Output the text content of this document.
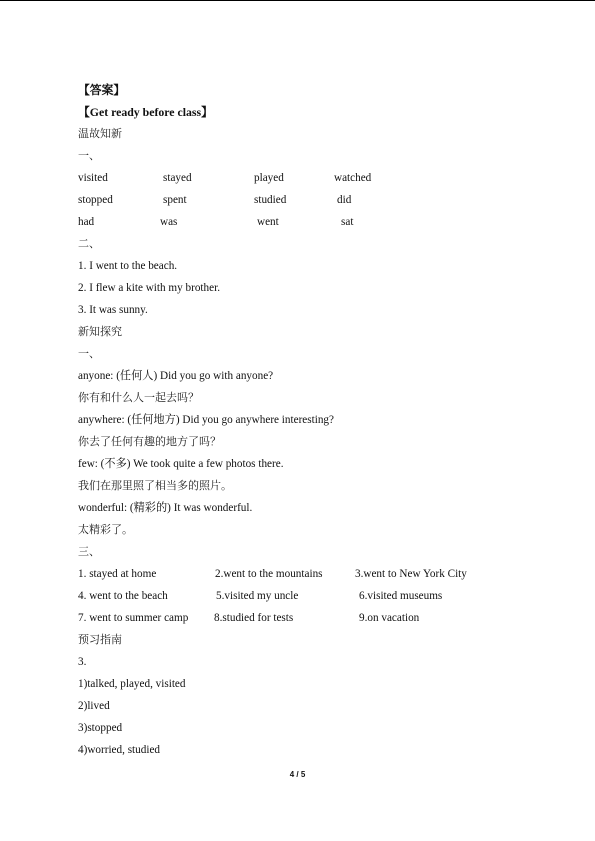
【答案】
【Get ready before class】
温故知新
一、
visited	stayed	played	watched
stopped	spent	studied	did
had	was	went	sat
二、
1. I went to the beach.
2. I flew a kite with my brother.
3. It was sunny.
新知探究
一、
anyone: (任何人) Did you go with anyone?
你有和什么人一起去吗？
anywhere: (任何地方) Did you go anywhere interesting?
你去了任何有趣的地方了吗？
few: (不多) We took quite a few photos there.
我们在那里照了相当多的照片。
wonderful: (精彩的) It was wonderful.
太精彩了。
三、
1. stayed at home	2.went to the mountains	3.went to New York City
4. went to the beach	5.visited my uncle	6.visited museums
7. went to summer camp 8.studied for tests	9.on vacation
预习指南
3.
1)talked, played, visited
2)lived
3)stopped
4)worried, studied
4 / 5
